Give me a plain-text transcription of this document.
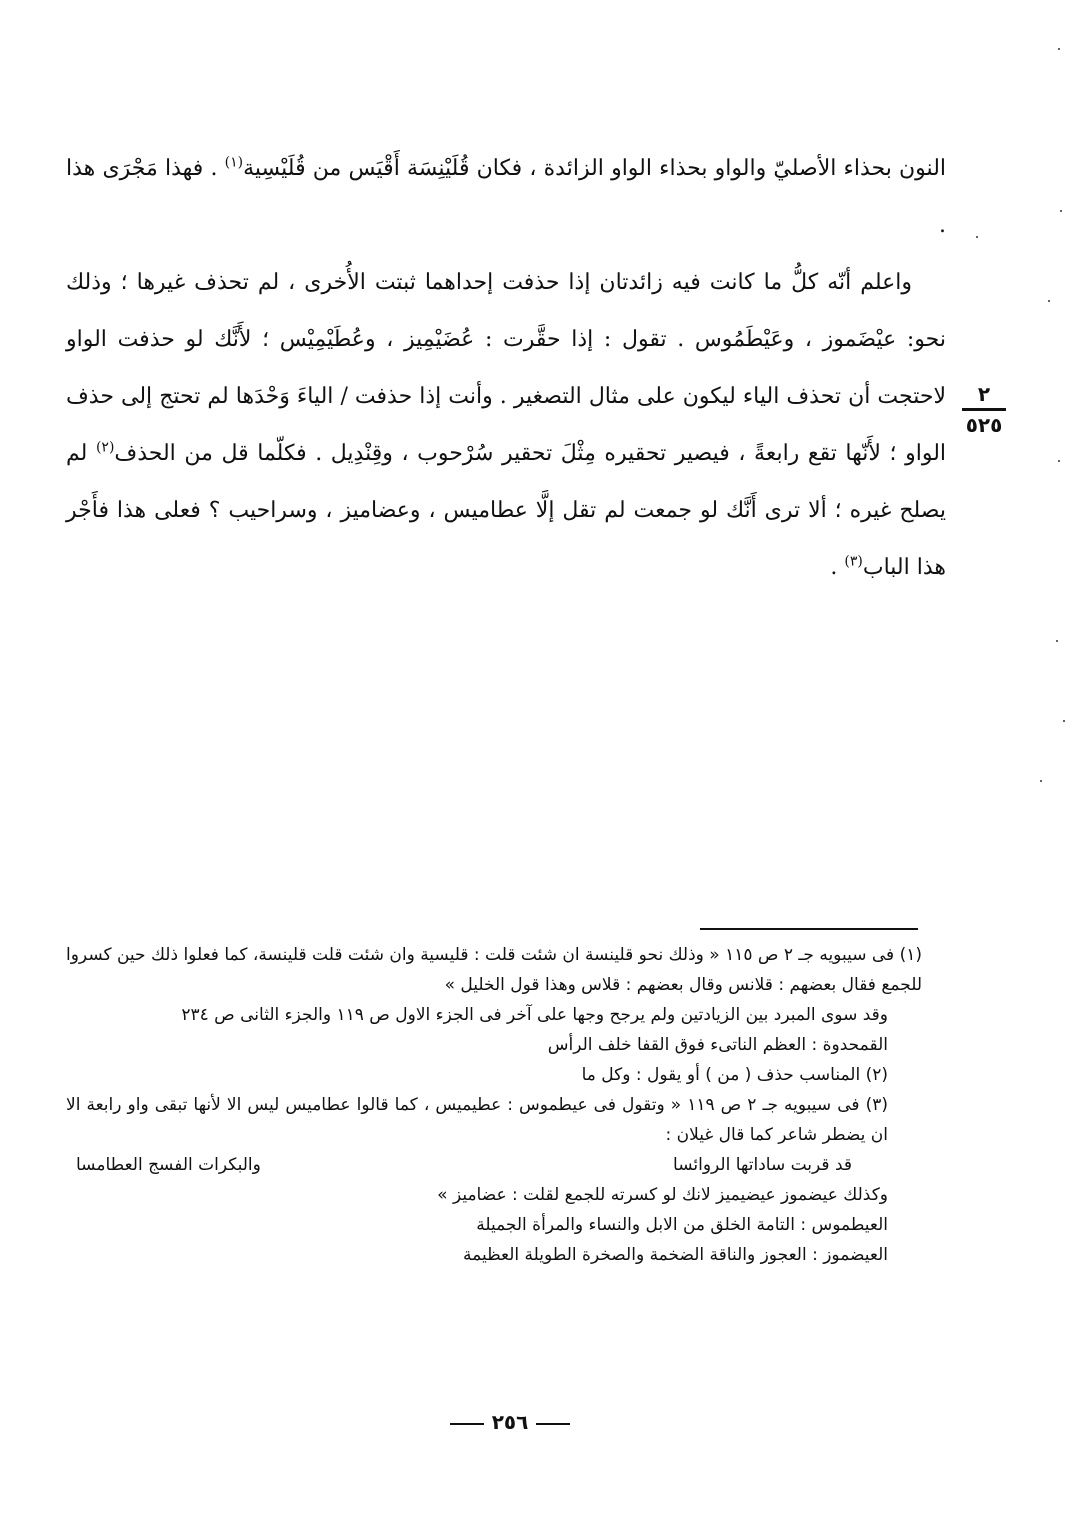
النون بحذاء الأصليّ والواو بحذاء الواو الزائدة ، فكان قُلَيْنِسَة أَقْيَس من قُلَيْسِية$^{(١)}$ . فهذا مَجْرَى هذا .

واعلم أنّه كلُّ ما كانت فيه زائدتان إذا حذفت إحداهما ثبتت الأُخرى ، لم تحذف غيرها ؛ وذلك نحو: عيْضَموز ، وعَيْطَمُوس . تقول : إذا حقَّرت : عُضَيْمِيز ، وعُطَيْمِيْس ؛ لأَنَّك لو حذفت الواو لاحتجت أن تحذف الياء ليكون على مثال التصغير . وأنت إذا حذفت / الياءَ وَحْدَها لم تحتج إلى حذف الواو ؛ لأَنّها تقع رابعةً ، فيصير تحقيره مِثْلَ تحقير سُرْحوب ، وقِنْدِيل . فكلّما قل من الحذف$^{(٢)}$ لم يصلح غيره ؛ ألا ترى أَنَّك لو جمعت لم تقل إلَّا عطاميس ، وعضاميز ، وسراحيب ؟ فعلى هذا فأَجْر هذا الباب$^{(٣)}$ .

٢
٥٢٥

(١) فى سيبويه جـ ٢ ص ١١٥ « وذلك نحو قلينسة ان شئت قلت : قليسية وان شئت قلت قلينسة، كما فعلوا ذلك حين كسروا للجمع فقال بعضهم : قلانس وقال بعضهم : قلاس وهذا قول الخليل »

وقد سوى المبرد بين الزيادتين ولم يرجح وجها على آخر فى الجزء الاول ص ١١٩ والجزء الثانى ص ٢٣٤

القمحدوة : العظم الناتىء فوق القفا خلف الرأس

(٢) المناسب حذف ( من ) أو يقول : وكل ما

(٣) فى سيبويه جـ ٢ ص ١١٩ « وتقول فى عيطموس : عطيميس ، كما قالوا عطاميس ليس الا لأنها تبقى واو رابعة الا ان يضطر شاعر كما قال غيلان :

قد قربت ساداتها الروائسا
والبكرات الفسج العطامسا

وكذلك عيضموز عيضيميز لانك لو كسرته للجمع لقلت : عضاميز »

العيطموس : التامة الخلق من الابل والنساء والمرأة الجميلة

العيضموز : العجوز والناقة الضخمة والصخرة الطويلة العظيمة

٢٥٦
